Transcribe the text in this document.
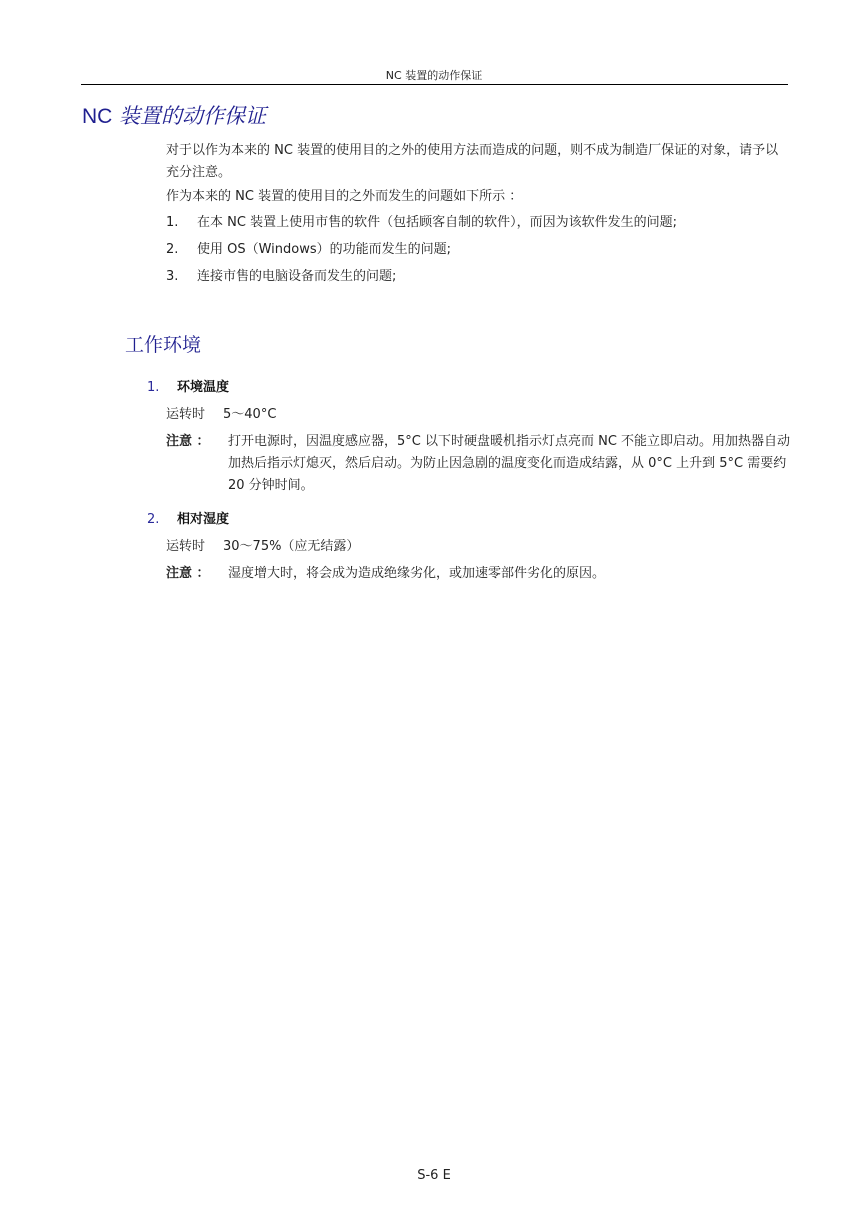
NC 装置的动作保证
NC 装置的动作保证
对于以作为本来的 NC 装置的使用目的之外的使用方法而造成的问题，则不成为制造厂保证的对象，请予以充分注意。
作为本来的 NC 装置的使用目的之外而发生的问题如下所示 ：
1. 在本 NC 装置上使用市售的软件（包括顾客自制的软件），而因为该软件发生的问题;
2. 使用 OS（Windows）的功能而发生的问题;
3. 连接市售的电脑设备而发生的问题;
工作环境
1. 环境温度
运转时 5～40°C
注意 ： 打开电源时，因温度感应器，5°C 以下时硬盘暖机指示灯点亮而 NC 不能立即启动。用加热器自动加热后指示灯熄灭，然后启动。为防止因急剧的温度变化而造成结露，从 0°C 上升到 5°C 需要约 20 分钟时间。
2. 相对湿度
运转时 30～75%（应无结露）
注意 ： 湿度增大时，将会成为造成绝缘劣化，或加速零部件劣化的原因。
S-6 E
